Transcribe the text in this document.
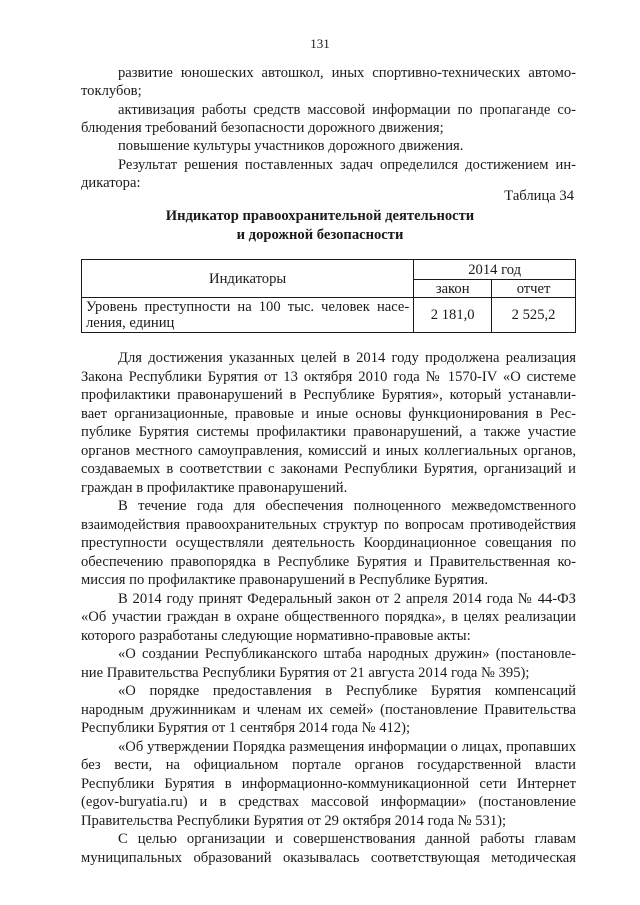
131
развитие юношеских автошкол, иных спортивно-технических автомо-
токлубов;
активизация работы средств массовой информации по пропаганде со-
блюдения требований безопасности дорожного движения;
повышение культуры участников дорожного движения.
Результат решения поставленных задач определился достижением ин-
дикатора:
Таблица 34
Индикатор правоохранительной деятельности
и дорожной безопасности
Индикаторы	2014 год	
	закон	отчет

Уровень преступности на 100 тыс. человек насе-
ления, единиц	2 181,0	2 525,2
Для достижения указанных целей в 2014 году продолжена реализация
Закона Республики Бурятия от 13 октября 2010 года № 1570-IV «О системе
профилактики правонарушений в Республике Бурятия», который устанавли-
вает организационные, правовые и иные основы функционирования в Рес-
публике Бурятия системы профилактики правонарушений, а также участие
органов местного самоуправления, комиссий и иных коллегиальных органов,
создаваемых в соответствии с законами Республики Бурятия, организаций и
граждан в профилактике правонарушений.
В течение года для обеспечения полноценного межведомственного
взаимодействия правоохранительных структур по вопросам противодействия
преступности осуществляли деятельность Координационное совещания по
обеспечению правопорядка в Республике Бурятия и Правительственная ко-
миссия по профилактике правонарушений в Республике Бурятия.
В 2014 году принят Федеральный закон от 2 апреля 2014 года № 44-ФЗ
«Об участии граждан в охране общественного порядка», в целях реализации
которого разработаны следующие нормативно-правовые акты:
«О создании Республиканского штаба народных дружин» (постановле-
ние Правительства Республики Бурятия от 21 августа 2014 года № 395);
«О порядке предоставления в Республике Бурятия компенсаций
народным дружинникам и членам их семей» (постановление Правительства
Республики Бурятия от 1 сентября 2014 года № 412);
«Об утверждении Порядка размещения информации о лицах, пропавших
без вести, на официальном портале органов государственной власти
Республики Бурятия в информационно-коммуникационной сети Интернет
(egov-buryatia.ru) и в средствах массовой информации» (постановление
Правительства Республики Бурятия от 29 октября 2014 года № 531);
С целью организации и совершенствования данной работы главам
муниципальных образований оказывалась соответствующая методическая
